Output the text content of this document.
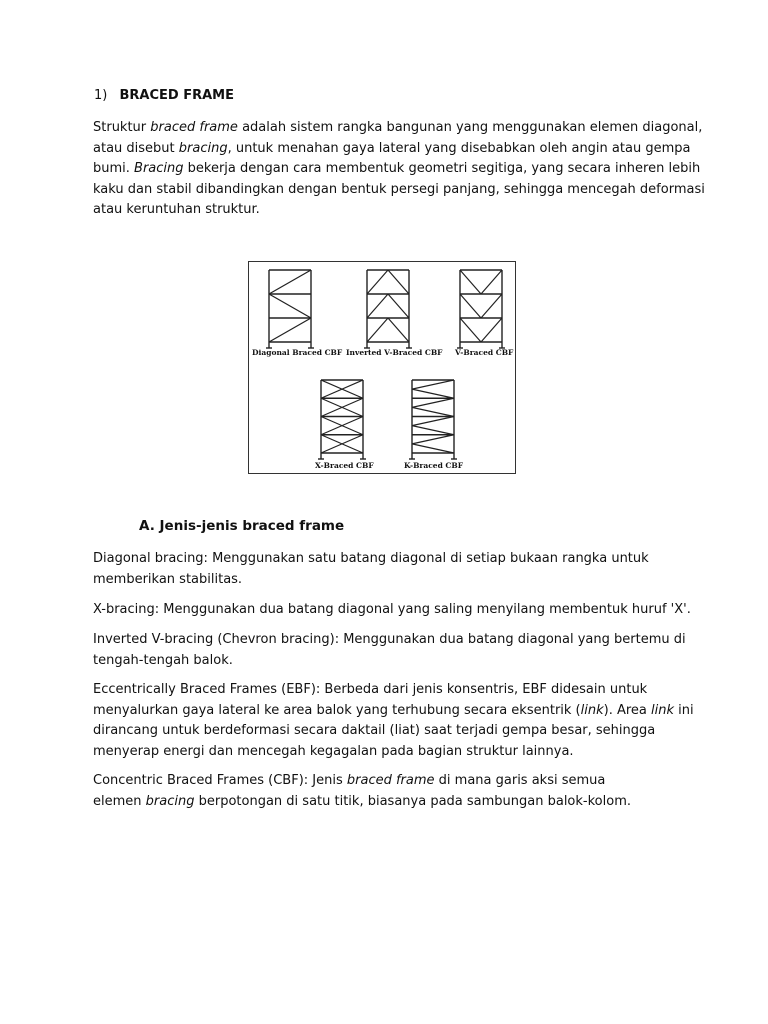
1) BRACED FRAME

Struktur braced frame adalah sistem rangka bangunan yang menggunakan elemen diagonal,
atau disebut bracing, untuk menahan gaya lateral yang disebabkan oleh angin atau gempa
bumi. Bracing bekerja dengan cara membentuk geometri segitiga, yang secara inheren lebih
kaku dan stabil dibandingkan dengan bentuk persegi panjang, sehingga mencegah deformasi
atau keruntuhan struktur.

Diagonal Braced CBF Inverted V-Braced CBF V-Braced CBF
X-Braced CBF	K-Braced CBF
A. Jenis-jenis braced frame

Diagonal bracing: Menggunakan satu batang diagonal di setiap bukaan rangka untuk
memberikan stabilitas.

X-bracing: Menggunakan dua batang diagonal yang saling menyilang membentuk huruf 'X'.

Inverted V-bracing (Chevron bracing): Menggunakan dua batang diagonal yang bertemu di
tengah-tengah balok.

Eccentrically Braced Frames (EBF): Berbeda dari jenis konsentris, EBF didesain untuk
menyalurkan gaya lateral ke area balok yang terhubung secara eksentrik (link). Area link ini
dirancang untuk berdeformasi secara daktail (liat) saat terjadi gempa besar, sehingga
menyerap energi dan mencegah kegagalan pada bagian struktur lainnya.

Concentric Braced Frames (CBF): Jenis braced frame di mana garis aksi semua
elemen bracing berpotongan di satu titik, biasanya pada sambungan balok-kolom.
